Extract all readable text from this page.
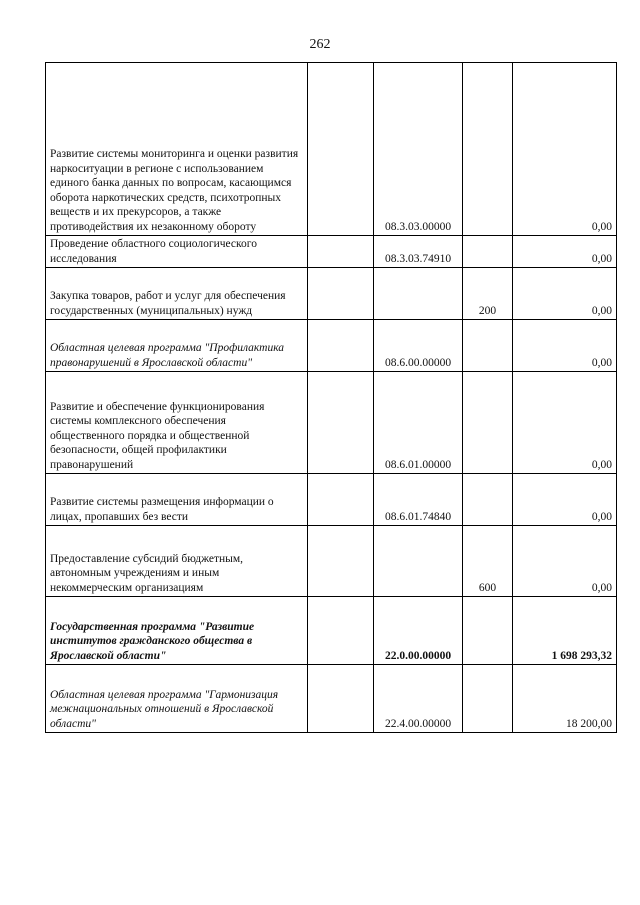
262
Развитие системы мониторинга и оценки развития наркоситуации в регионе с использованием единого банка данных по вопросам, касающимся оборота наркотических средств, психотропных веществ и их прекурсоров, а также противодействия их незаконному обороту		08.3.03.00000		0,00
Проведение областного социологического исследования		08.3.03.74910		0,00
Закупка товаров, работ и услуг для обеспечения государственных (муниципальных) нужд			200	0,00
Областная целевая программа "Профилактика правонарушений в Ярославской области"		08.6.00.00000		0,00
Развитие и обеспечение функционирования системы комплексного обеспечения общественного порядка и общественной безопасности, общей профилактики правонарушений		08.6.01.00000		0,00
Развитие системы размещения информации о лицах, пропавших без вести		08.6.01.74840		0,00
Предоставление субсидий бюджетным, автономным учреждениям и иным некоммерческим организациям			600	0,00
Государственная программа "Развитие институтов гражданского общества в Ярославской области"		22.0.00.00000		1 698 293,32
Областная целевая программа "Гармонизация межнациональных отношений в Ярославской области"		22.4.00.00000		18 200,00
